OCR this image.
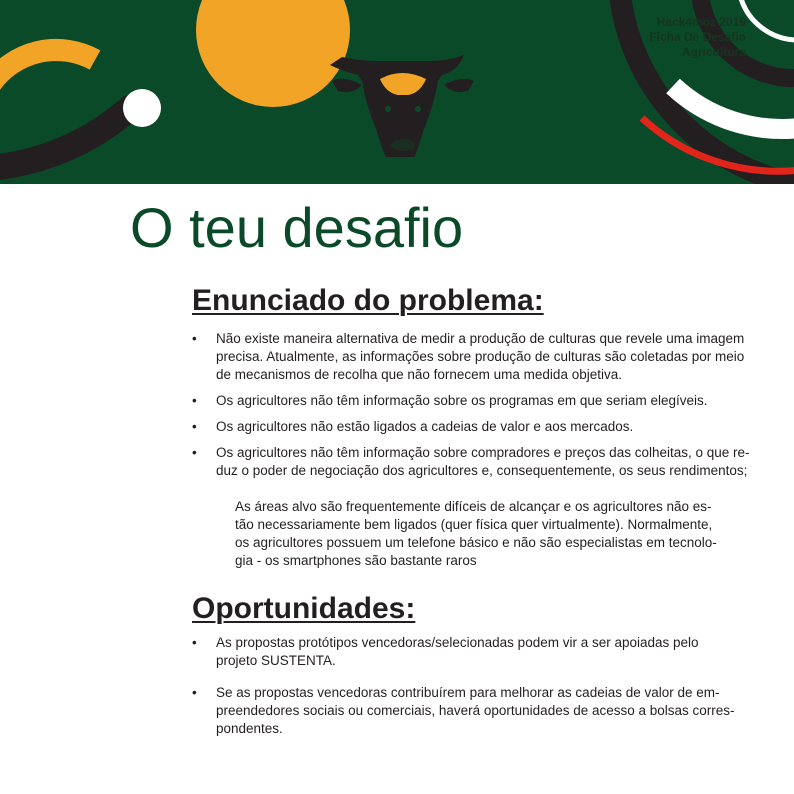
Hack4moz 2019
Ficha De Desafio
Agricultura
O teu desafio
Enunciado do problema:
• Não existe maneira alternativa de medir a produção de culturas que revele uma imagem
precisa. Atualmente, as informações sobre produção de culturas são coletadas por meio
de mecanismos de recolha que não fornecem uma medida objetiva.
• Os agricultores não têm informação sobre os programas em que seriam elegíveis.
• Os agricultores não estão ligados a cadeias de valor e aos mercados.
• Os agricultores não têm informação sobre compradores e preços das colheitas, o que re-
duz o poder de negociação dos agricultores e, consequentemente, os seus rendimentos;
As áreas alvo são frequentemente difíceis de alcançar e os agricultores não es-
tão necessariamente bem ligados (quer física quer virtualmente). Normalmente,
os agricultores possuem um telefone básico e não são especialistas em tecnolo-
gia - os smartphones são bastante raros
Oportunidades:
• As propostas protótipos vencedoras/selecionadas podem vir a ser apoiadas pelo
projeto SUSTENTA.
• Se as propostas vencedoras contribuírem para melhorar as cadeias de valor de em-
preendedores sociais ou comerciais, haverá oportunidades de acesso a bolsas corres-
pondentes.
